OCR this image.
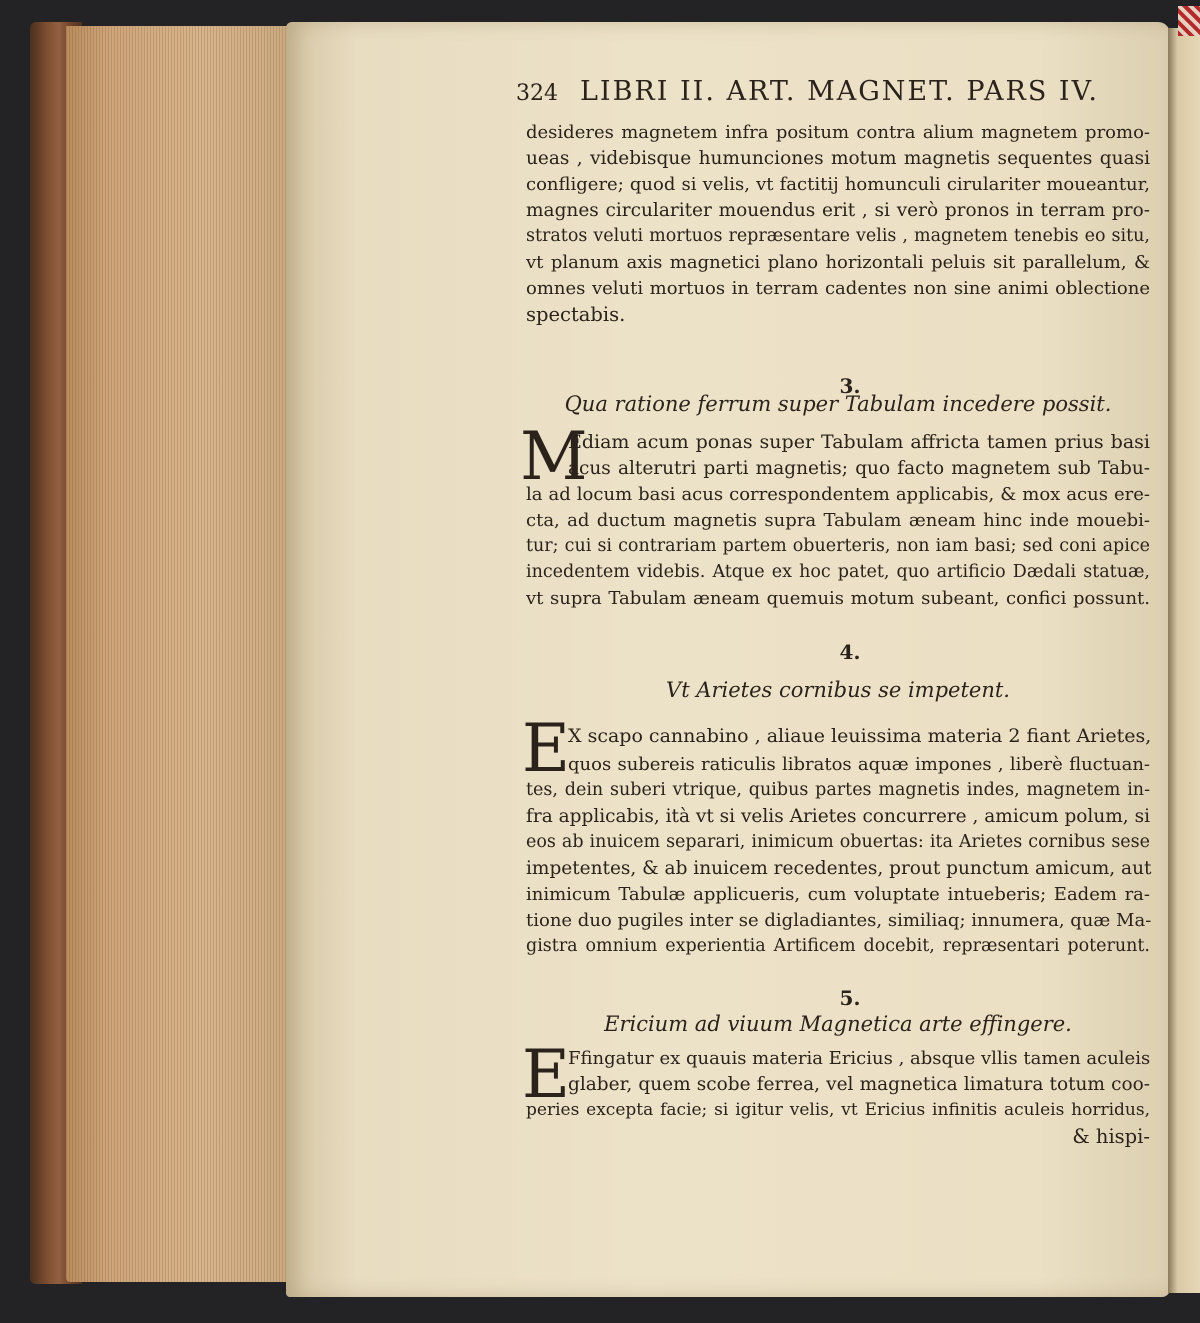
324 LIBRI II. ART. MAGNET. PARS IV.
desideres magnetem infra positum contra alium magnetem promo-
ueas , videbisque humunciones motum magnetis sequentes quasi
confligere; quod si velis, vt factitij homunculi cirulariter moueantur,
magnes circulariter mouendus erit , si verò pronos in terram pro-
stratos veluti mortuos repræsentare velis , magnetem tenebis eo situ,
vt planum axis magnetici plano horizontali peluis sit parallelum, &
omnes veluti mortuos in terram cadentes non sine animi oblectione
spectabis.
3.
Qua ratione ferrum super Tabulam incedere possit.
M
Ediam acum ponas super Tabulam affricta tamen prius basi
acus alterutri parti magnetis; quo facto magnetem sub Tabu-
la ad locum basi acus correspondentem applicabis, & mox acus ere-
cta, ad ductum magnetis supra Tabulam æneam hinc inde mouebi-
tur; cui si contrariam partem obuerteris, non iam basi; sed coni apice
incedentem videbis. Atque ex hoc patet, quo artificio Dædali statuæ,
vt supra Tabulam æneam quemuis motum subeant, confici possunt.
4.
Vt Arietes cornibus se impetent.
E
X scapo cannabino , aliaue leuissima materia 2 fiant Arietes,
quos subereis raticulis libratos aquæ impones , liberè fluctuan-
tes, dein suberi vtrique, quibus partes magnetis indes, magnetem in-
fra applicabis, ità vt si velis Arietes concurrere , amicum polum, si
eos ab inuicem separari, inimicum obuertas: ita Arietes cornibus sese
impetentes, & ab inuicem recedentes, prout punctum amicum, aut
inimicum Tabulæ applicueris, cum voluptate intueberis; Eadem ra-
tione duo pugiles inter se digladiantes, similiaq; innumera, quæ Ma-
gistra omnium experientia Artificem docebit, repræsentari poterunt.
5.
Ericium ad viuum Magnetica arte effingere.
E
Ffingatur ex quauis materia Ericius , absque vllis tamen aculeis
glaber, quem scobe ferrea, vel magnetica limatura totum coo-
peries excepta facie; si igitur velis, vt Ericius infinitis aculeis horridus,
& hispi-
